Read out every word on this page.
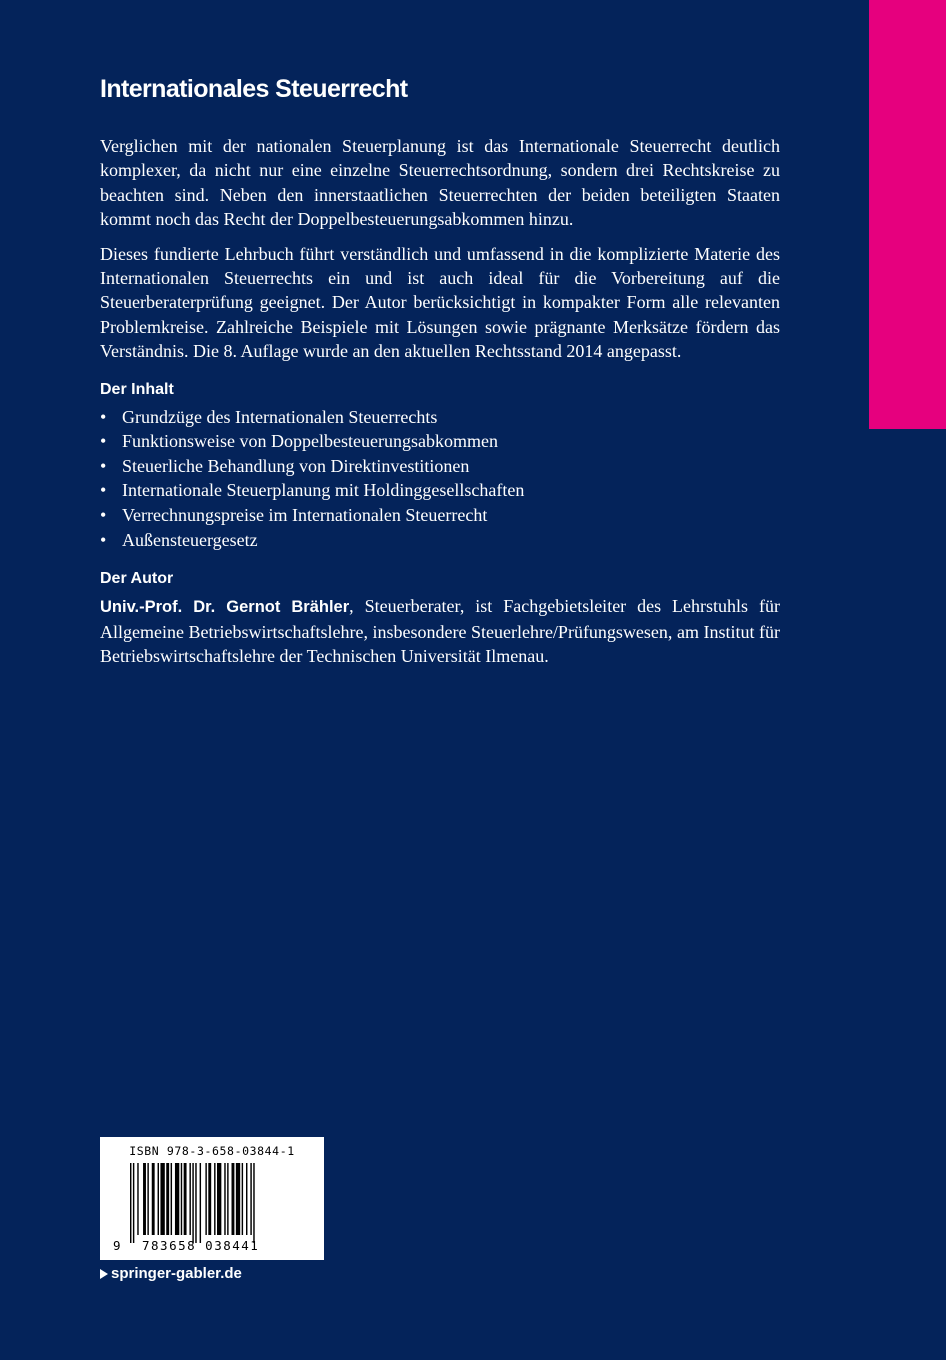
Internationales Steuerrecht

Verglichen mit der nationalen Steuerplanung ist das Internationale Steuerrecht deutlich komplexer, da nicht nur eine einzelne Steuerrechtsordnung, sondern drei Rechtskreise zu beachten sind. Neben den innerstaatlichen Steuerrechten der beiden beteiligten Staaten kommt noch das Recht der Doppelbesteuerungsabkommen hinzu.

Dieses fundierte Lehrbuch führt verständlich und umfassend in die komplizierte Materie des Internationalen Steuerrechts ein und ist auch ideal für die Vorbereitung auf die Steuerberaterprüfung geeignet. Der Autor berücksichtigt in kompakter Form alle relevanten Problemkreise. Zahlreiche Beispiele mit Lösungen sowie prägnante Merksätze fördern das Verständnis. Die 8. Auflage wurde an den aktuellen Rechtsstand 2014 angepasst.

Der Inhalt
• Grundzüge des Internationalen Steuerrechts
• Funktionsweise von Doppelbesteuerungsabkommen
• Steuerliche Behandlung von Direktinvestitionen
• Internationale Steuerplanung mit Holdinggesellschaften
• Verrechnungspreise im Internationalen Steuerrecht
• Außensteuergesetz
Der Autor

Univ.-Prof. Dr. Gernot Brähler, Steuerberater, ist Fachgebietsleiter des Lehrstuhls für Allgemeine Betriebswirtschaftslehre, insbesondere Steuerlehre/Prüfungswesen, am Institut für Betriebswirtschaftslehre der Technischen Universität Ilmenau.

ISBN 978-3-658-03844-1
9 783658 038441
springer-gabler.de
